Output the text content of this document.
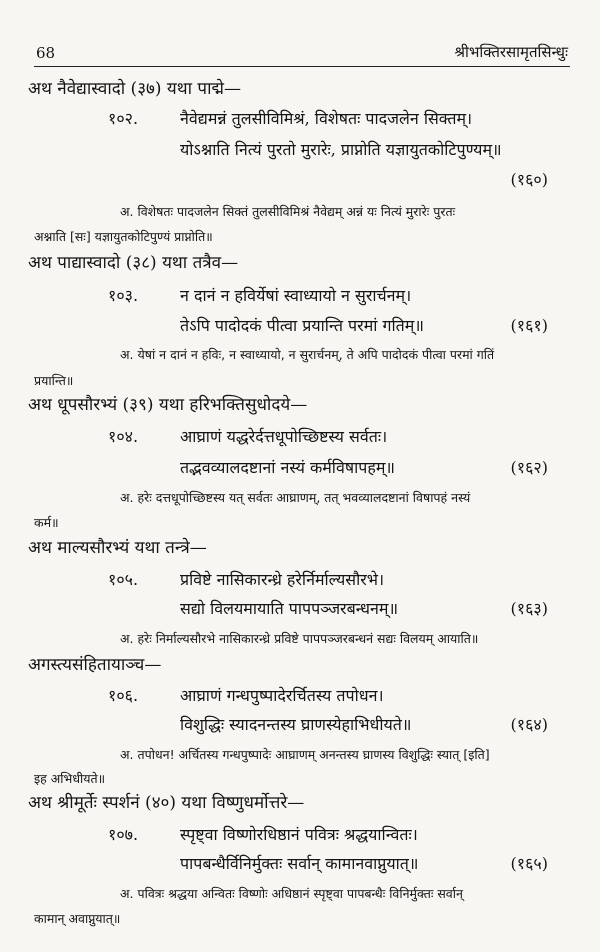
68	श्रीभक्तिरसामृतसिन्धुः
अथ नैवेद्यास्वादो (३७) यथा पाद्मे—
१०२.	नैवेद्यमन्नं तुलसीविमिश्रं, विशेषतः पादजलेन सिक्तम्।
योऽश्नाति नित्यं पुरतो मुरारेः, प्राप्नोति यज्ञायुतकोटिपुण्यम्॥
(१६०)
अ. विशेषतः पादजलेन सिक्तं तुलसीविमिश्रं नैवेद्यम् अन्नं यः नित्यं मुरारेः पुरतः
अश्नाति [सः] यज्ञायुतकोटिपुण्यं प्राप्नोति॥
अथ पाद्यास्वादो (३८) यथा तत्रैव—
१०३.	न दानं न हविर्येषां स्वाध्यायो न सुरार्चनम्।
तेऽपि पादोदकं पीत्वा प्रयान्ति परमां गतिम्॥	(१६१)
अ. येषां न दानं न हविः, न स्वाध्यायो, न सुरार्चनम्, ते अपि पादोदकं पीत्वा परमां गतिं
प्रयान्ति॥
अथ धूपसौरभ्यं (३९) यथा हरिभक्तिसुधोदये—
१०४.	आघ्राणं यद्धरेर्दत्तधूपोच्छिष्टस्य सर्वतः।
तद्भवव्यालदष्टानां नस्यं कर्मविषापहम्॥	(१६२)
अ. हरेः दत्तधूपोच्छिष्टस्य यत् सर्वतः आघ्राणम्, तत् भवव्यालदष्टानां विषापहं नस्यं
कर्म॥
अथ माल्यसौरभ्यं यथा तन्त्रे—
१०५.	प्रविष्टे नासिकारन्ध्रे हरेर्निर्माल्यसौरभे।
सद्यो विलयमायाति पापपञ्जरबन्धनम्॥	(१६३)
अ. हरेः निर्माल्यसौरभे नासिकारन्ध्रे प्रविष्टे पापपञ्जरबन्धनं सद्यः विलयम् आयाति॥
अगस्त्यसंहितायाञ्च—
१०६.	आघ्राणं गन्धपुष्पादेरर्चितस्य तपोधन।
विशुद्धिः स्यादनन्तस्य घ्राणस्येहाभिधीयते॥	(१६४)
अ. तपोधन! अर्चितस्य गन्धपुष्पादेः आघ्राणम् अनन्तस्य घ्राणस्य विशुद्धिः स्यात् [इति]
इह अभिधीयते॥
अथ श्रीमूर्तेः स्पर्शनं (४०) यथा विष्णुधर्मोत्तरे—
१०७.	स्पृष्ट्वा विष्णोरधिष्ठानं पवित्रः श्रद्धयान्वितः।
पापबन्धैर्विनिर्मुक्तः सर्वान् कामानवाप्नुयात्॥	(१६५)
अ. पवित्रः श्रद्धया अन्वितः विष्णोः अधिष्ठानं स्पृष्ट्वा पापबन्धैः विनिर्मुक्तः सर्वान्
कामान् अवाप्नुयात्॥
